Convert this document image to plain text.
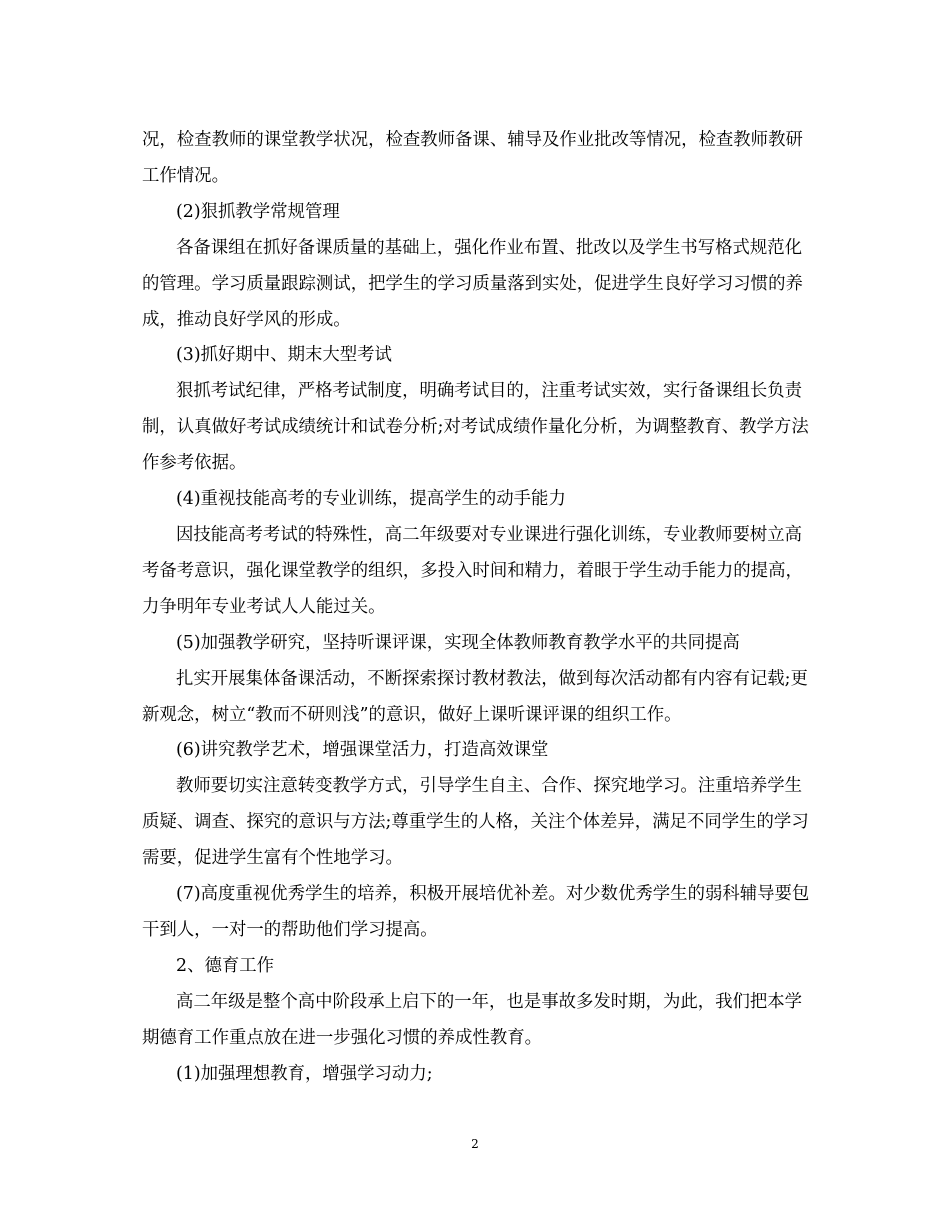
况，检查教师的课堂教学状况，检查教师备课、辅导及作业批改等情况，检查教师教研工作情况。

(2)狠抓教学常规管理

各备课组在抓好备课质量的基础上，强化作业布置、批改以及学生书写格式规范化的管理。学习质量跟踪测试，把学生的学习质量落到实处，促进学生良好学习习惯的养成，推动良好学风的形成。

(3)抓好期中、期末大型考试

狠抓考试纪律，严格考试制度，明确考试目的，注重考试实效，实行备课组长负责制，认真做好考试成绩统计和试卷分析;对考试成绩作量化分析，为调整教育、教学方法作参考依据。

(4)重视技能高考的专业训练，提高学生的动手能力

因技能高考考试的特殊性，高二年级要对专业课进行强化训练，专业教师要树立高考备考意识，强化课堂教学的组织，多投入时间和精力，着眼于学生动手能力的提高，力争明年专业考试人人能过关。

(5)加强教学研究，坚持听课评课，实现全体教师教育教学水平的共同提高

扎实开展集体备课活动，不断探索探讨教材教法，做到每次活动都有内容有记载;更新观念，树立“教而不研则浅”的意识，做好上课听课评课的组织工作。

(6)讲究教学艺术，增强课堂活力，打造高效课堂

教师要切实注意转变教学方式，引导学生自主、合作、探究地学习。注重培养学生质疑、调查、探究的意识与方法;尊重学生的人格，关注个体差异，满足不同学生的学习需要，促进学生富有个性地学习。

(7)高度重视优秀学生的培养，积极开展培优补差。对少数优秀学生的弱科辅导要包干到人，一对一的帮助他们学习提高。

2、德育工作

高二年级是整个高中阶段承上启下的一年，也是事故多发时期，为此，我们把本学期德育工作重点放在进一步强化习惯的养成性教育。

(1)加强理想教育，增强学习动力;

2
